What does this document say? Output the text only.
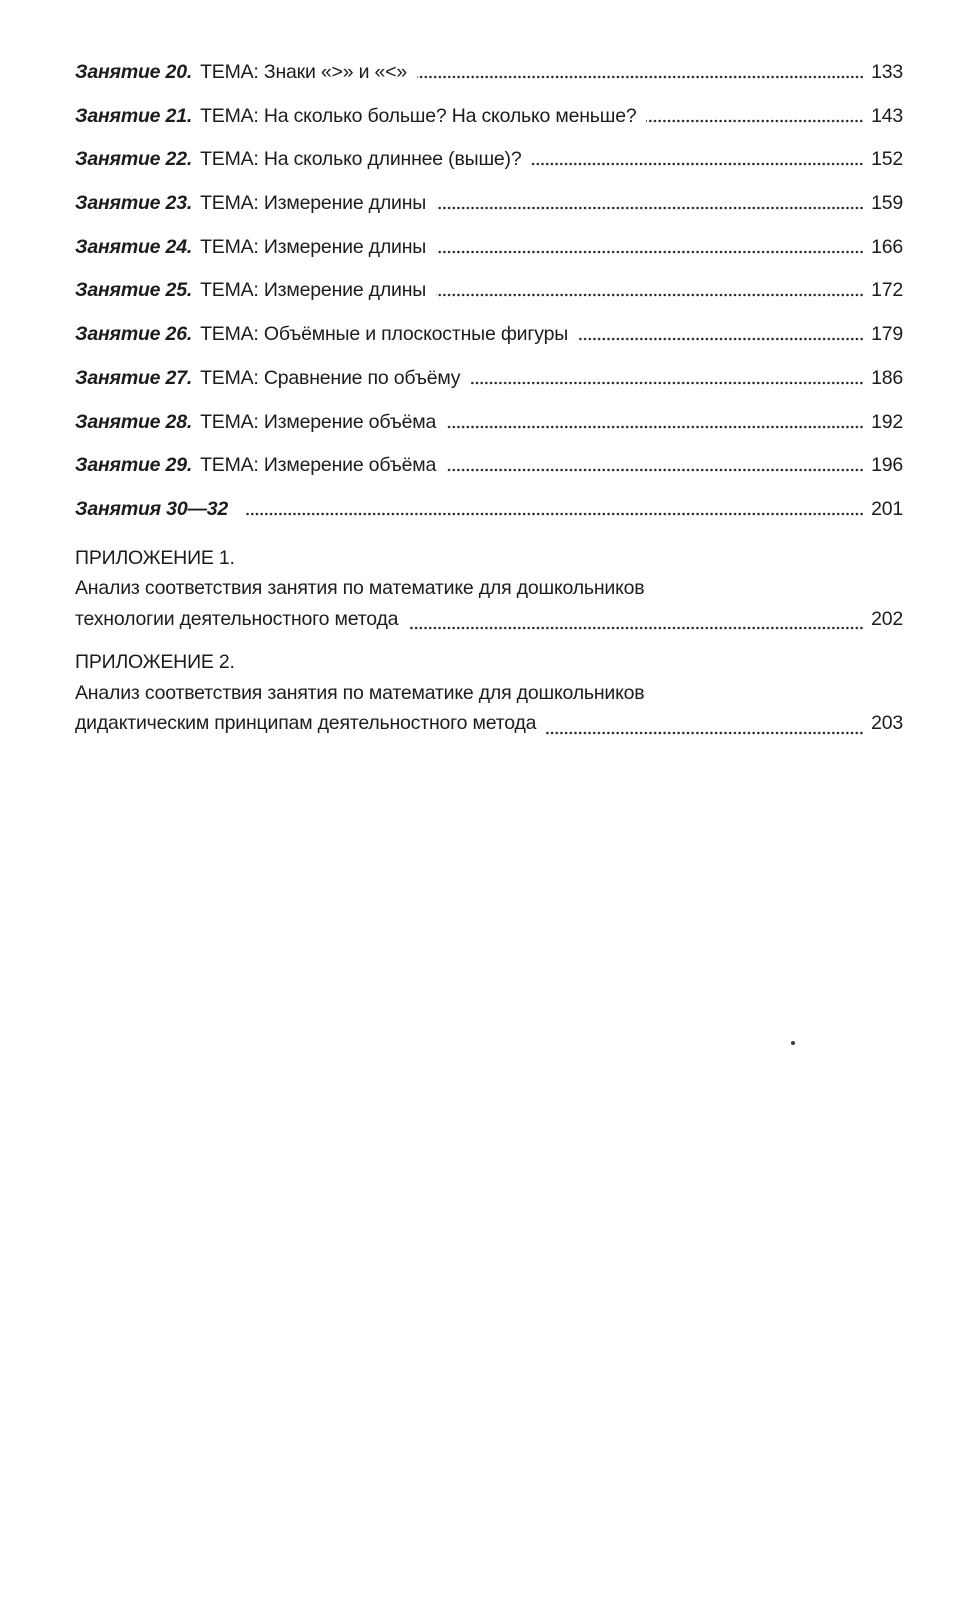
Занятие 20. ТЕМА: Знаки «>» и «<»	133
Занятие 21. ТЕМА: На сколько больше? На сколько меньше?	143
Занятие 22. ТЕМА: На сколько длиннее (выше)?	152
Занятие 23. ТЕМА: Измерение длины	159
Занятие 24. ТЕМА: Измерение длины	166
Занятие 25. ТЕМА: Измерение длины	172
Занятие 26. ТЕМА: Объёмные и плоскостные фигуры	179
Занятие 27. ТЕМА: Сравнение по объёму	186
Занятие 28. ТЕМА: Измерение объёма	192
Занятие 29. ТЕМА: Измерение объёма	196
Занятия 30—32	201
ПРИЛОЖЕНИЕ 1.
Анализ соответствия занятия по математике для дошкольников
технологии деятельностного метода	202
ПРИЛОЖЕНИЕ 2.
Анализ соответствия занятия по математике для дошкольников
дидактическим принципам деятельностного метода	203
